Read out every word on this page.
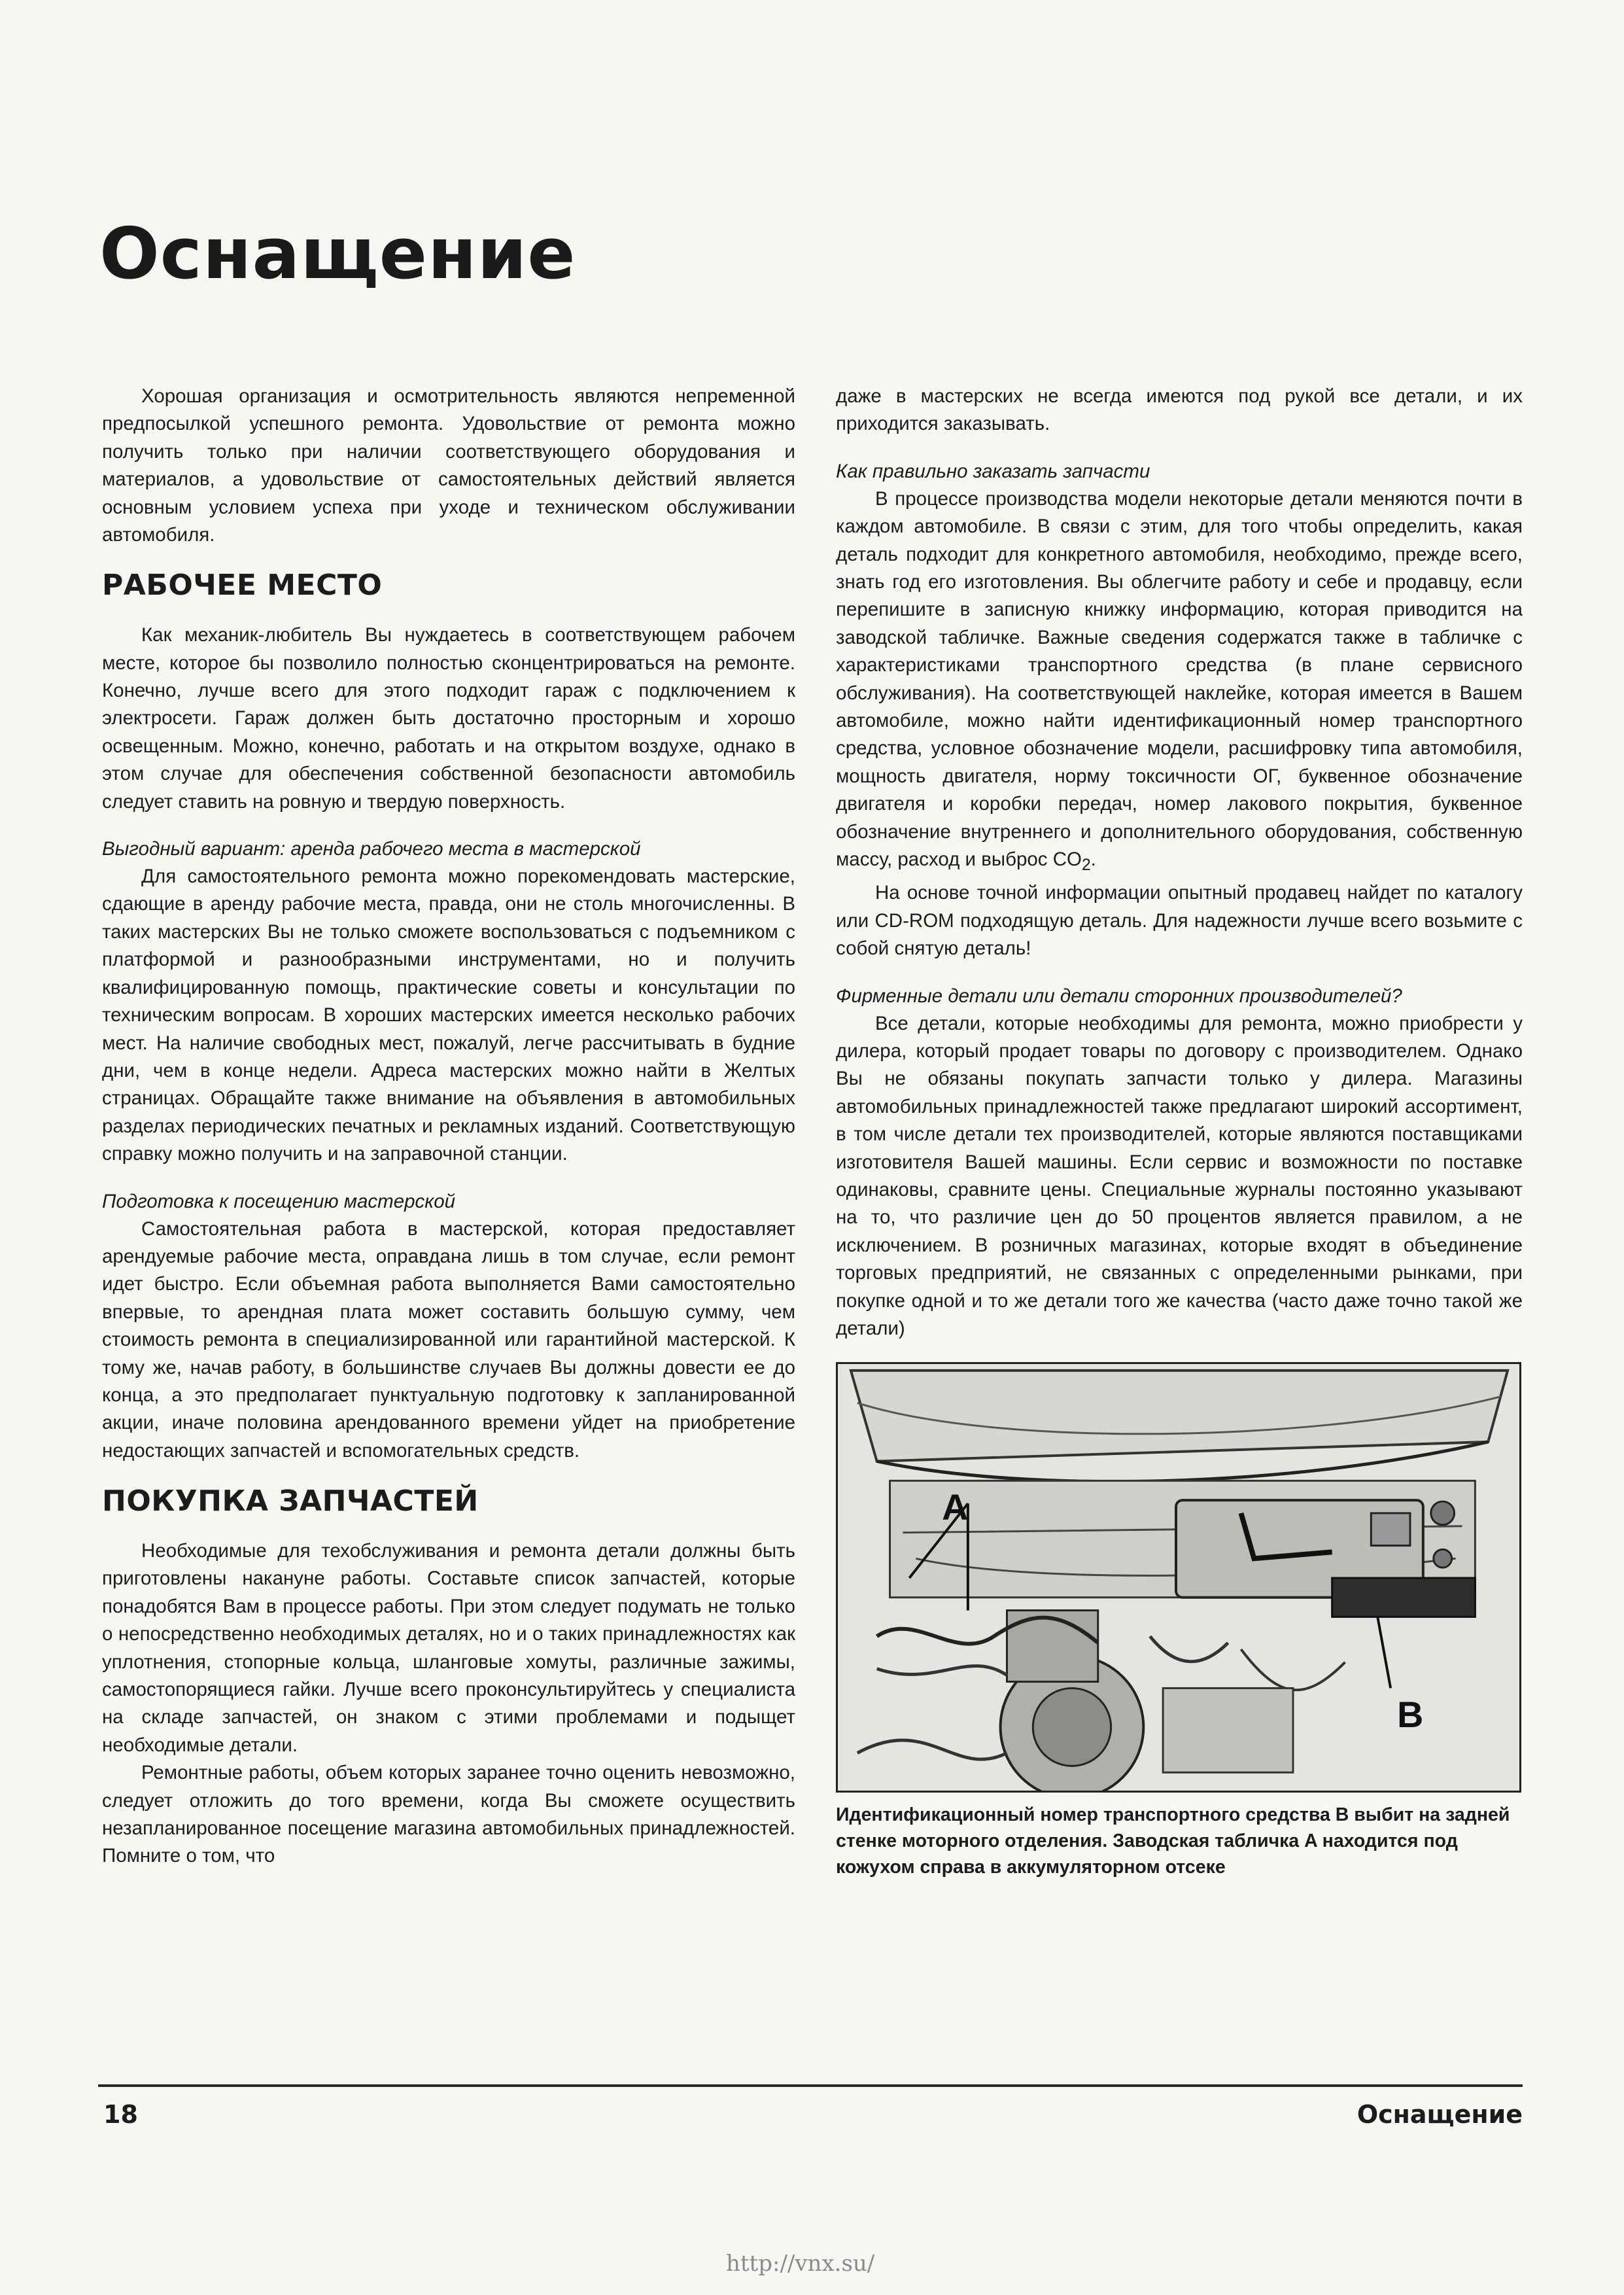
Оснащение

Хорошая организация и осмотрительность являются непременной предпосылкой успешного ремонта. Удовольствие от ремонта можно получить только при наличии соответствующего оборудования и материалов, а удовольствие от самостоятельных действий является основным условием успеха при уходе и техническом обслуживании автомобиля.

РАБОЧЕЕ МЕСТО

Как механик-любитель Вы нуждаетесь в соответствующем рабочем месте, которое бы позволило полностью сконцентрироваться на ремонте. Конечно, лучше всего для этого подходит гараж с подключением к электросети. Гараж должен быть достаточно просторным и хорошо освещенным. Можно, конечно, работать и на открытом воздухе, однако в этом случае для обеспечения собственной безопасности автомобиль следует ставить на ровную и твердую поверхность.

Выгодный вариант: аренда рабочего места в мастерской

Для самостоятельного ремонта можно порекомендовать мастерские, сдающие в аренду рабочие места, правда, они не столь многочисленны. В таких мастерских Вы не только сможете воспользоваться с подъемником с платформой и разнообразными инструментами, но и получить квалифицированную помощь, практические советы и консультации по техническим вопросам. В хороших мастерских имеется несколько рабочих мест. На наличие свободных мест, пожалуй, легче рассчитывать в будние дни, чем в конце недели. Адреса мастерских можно найти в Желтых страницах. Обращайте также внимание на объявления в автомобильных разделах периодических печатных и рекламных изданий. Соответствующую справку можно получить и на заправочной станции.

Подготовка к посещению мастерской

Самостоятельная работа в мастерской, которая предоставляет арендуемые рабочие места, оправдана лишь в том случае, если ремонт идет быстро. Если объемная работа выполняется Вами самостоятельно впервые, то арендная плата может составить большую сумму, чем стоимость ремонта в специализированной или гарантийной мастерской. К тому же, начав работу, в большинстве случаев Вы должны довести ее до конца, а это предполагает пунктуальную подготовку к запланированной акции, иначе половина арендованного времени уйдет на приобретение недостающих запчастей и вспомогательных средств.

ПОКУПКА ЗАПЧАСТЕЙ

Необходимые для техобслуживания и ремонта детали должны быть приготовлены накануне работы. Составьте список запчастей, которые понадобятся Вам в процессе работы. При этом следует подумать не только о непосредственно необходимых деталях, но и о таких принадлежностях как уплотнения, стопорные кольца, шланговые хомуты, различные зажимы, самостопорящиеся гайки. Лучше всего проконсультируйтесь у специалиста на складе запчастей, он знаком с этими проблемами и подыщет необходимые детали.

Ремонтные работы, объем которых заранее точно оценить невозможно, следует отложить до того времени, когда Вы сможете осуществить незапланированное посещение магазина автомобильных принадлежностей. Помните о том, что

даже в мастерских не всегда имеются под рукой все детали, и их приходится заказывать.

Как правильно заказать запчасти

В процессе производства модели некоторые детали меняются почти в каждом автомобиле. В связи с этим, для того чтобы определить, какая деталь подходит для конкретного автомобиля, необходимо, прежде всего, знать год его изготовления. Вы облегчите работу и себе и продавцу, если перепишите в записную книжку информацию, которая приводится на заводской табличке. Важные сведения содержатся также в табличке с характеристиками транспортного средства (в плане сервисного обслуживания). На соответствующей наклейке, которая имеется в Вашем автомобиле, можно найти идентификационный номер транспортного средства, условное обозначение модели, расшифровку типа автомобиля, мощность двигателя, норму токсичности ОГ, буквенное обозначение двигателя и коробки передач, номер лакового покрытия, буквенное обозначение внутреннего и дополнительного оборудования, собственную массу, расход и выброс $CO_2$.

На основе точной информации опытный продавец найдет по каталогу или CD-ROM подходящую деталь. Для надежности лучше всего возьмите с собой снятую деталь!

Фирменные детали или детали сторонних производителей?

Все детали, которые необходимы для ремонта, можно приобрести у дилера, который продает товары по договору с производителем. Однако Вы не обязаны покупать запчасти только у дилера. Магазины автомобильных принадлежностей также предлагают широкий ассортимент, в том числе детали тех производителей, которые являются поставщиками изготовителя Вашей машины. Если сервис и возможности по поставке одинаковы, сравните цены. Специальные журналы постоянно указывают на то, что различие цен до 50 процентов является правилом, а не исключением. В розничных магазинах, которые входят в объединение торговых предприятий, не связанных с определенными рынками, при покупке одной и то же детали того же качества (часто даже точно такой же детали)

A
B
Идентификационный номер транспортного средства B выбит на задней стенке моторного отделения. Заводская табличка A находится под кожухом справа в аккумуляторном отсеке
18	Оснащение
http://vnx.su/
